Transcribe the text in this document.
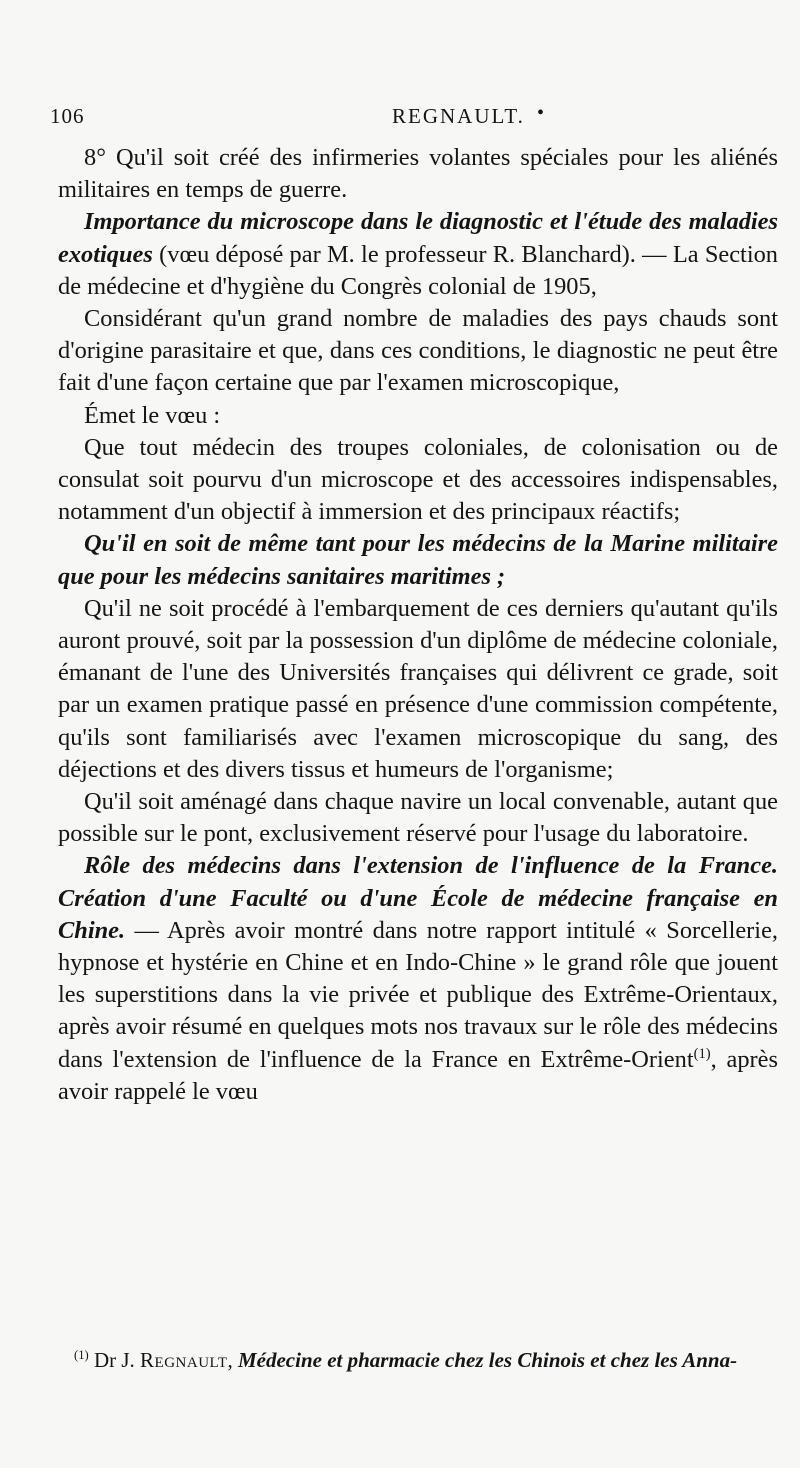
106	REGNAULT. •

8° Qu'il soit créé des infirmeries volantes spéciales pour les aliénés militaires en temps de guerre.

Importance du microscope dans le diagnostic et l'étude des maladies exotiques (vœu déposé par M. le professeur R. Blanchard). — La Section de médecine et d'hygiène du Congrès colonial de 1905,

Considérant qu'un grand nombre de maladies des pays chauds sont d'origine parasitaire et que, dans ces conditions, le diagnostic ne peut être fait d'une façon certaine que par l'examen microscopique,

Émet le vœu :

Que tout médecin des troupes coloniales, de colonisation ou de consulat soit pourvu d'un microscope et des accessoires indispensables, notamment d'un objectif à immersion et des principaux réactifs;

Qu'il en soit de même tant pour les médecins de la Marine militaire que pour les médecins sanitaires maritimes ;

Qu'il ne soit procédé à l'embarquement de ces derniers qu'autant qu'ils auront prouvé, soit par la possession d'un diplôme de médecine coloniale, émanant de l'une des Universités françaises qui délivrent ce grade, soit par un examen pratique passé en présence d'une commission compétente, qu'ils sont familiarisés avec l'examen microscopique du sang, des déjections et des divers tissus et humeurs de l'organisme;

Qu'il soit aménagé dans chaque navire un local convenable, autant que possible sur le pont, exclusivement réservé pour l'usage du laboratoire.

Rôle des médecins dans l'extension de l'influence de la France. Création d'une Faculté ou d'une École de médecine française en Chine. — Après avoir montré dans notre rapport intitulé « Sorcellerie, hypnose et hystérie en Chine et en Indo-Chine » le grand rôle que jouent les superstitions dans la vie privée et publique des Extrême-Orientaux, après avoir résumé en quelques mots nos travaux sur le rôle des médecins dans l'extension de l'influence de la France en Extrême-Orient$^{(1)}$, après avoir rappelé le vœu

$^{(1)}$ Dr J. Regnault, Médecine et pharmacie chez les Chinois et chez les Anna-
